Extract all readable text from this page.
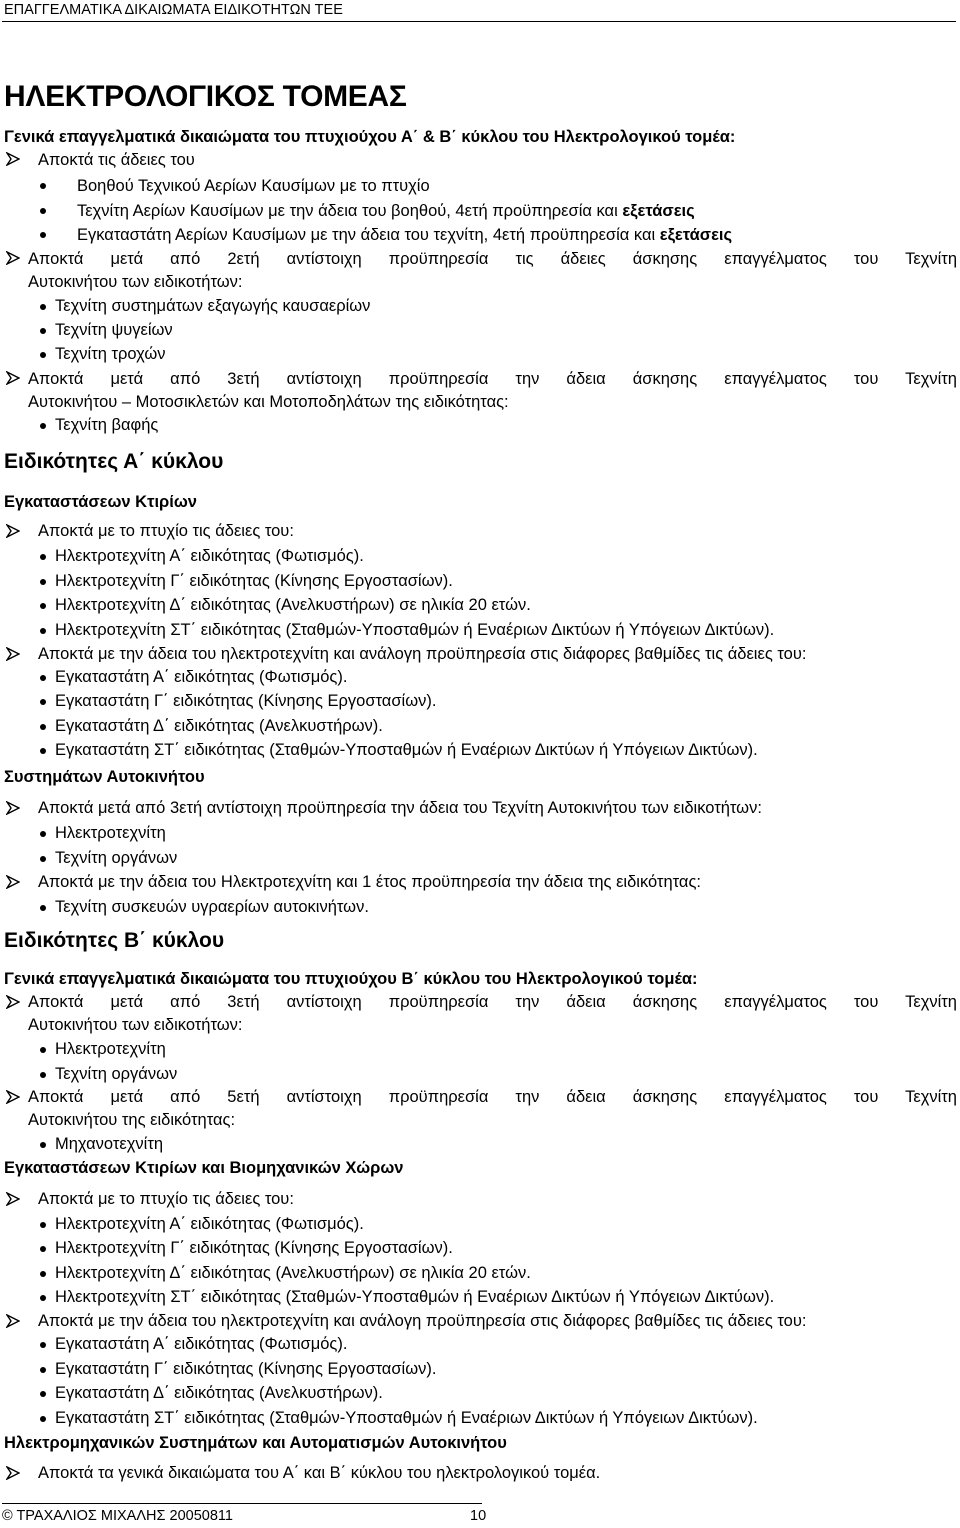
ΕΠΑΓΓΕΛΜΑΤΙΚΑ ΔΙΚΑΙΩΜΑΤΑ ΕΙΔΙΚΟΤΗΤΩΝ ΤΕΕ
ΗΛΕΚΤΡΟΛΟΓΙΚΟΣ ΤΟΜΕΑΣ
Γενικά επαγγελματικά δικαιώματα του πτυχιούχου Α΄ & Β΄ κύκλου του Ηλεκτρολογικού τομέα:
Αποκτά τις άδειες του
Βοηθού Τεχνικού Αερίων Καυσίμων με το πτυχίο
Τεχνίτη Αερίων Καυσίμων με την άδεια του βοηθού, 4ετή προϋπηρεσία και εξετάσεις
Εγκαταστάτη Αερίων Καυσίμων με την άδεια του τεχνίτη, 4ετή προϋπηρεσία και εξετάσεις
Αποκτά μετά από 2ετή αντίστοιχη προϋπηρεσία τις άδειες άσκησης επαγγέλματος του Τεχνίτη
Αυτοκινήτου των ειδικοτήτων:
Τεχνίτη συστημάτων εξαγωγής καυσαερίων
Τεχνίτη ψυγείων
Τεχνίτη τροχών
Αποκτά μετά από 3ετή αντίστοιχη προϋπηρεσία την άδεια άσκησης επαγγέλματος του Τεχνίτη
Αυτοκινήτου – Μοτοσικλετών και Μοτοποδηλάτων της ειδικότητας:
Τεχνίτη βαφής
Ειδικότητες Α΄ κύκλου
Εγκαταστάσεων Κτιρίων
Αποκτά με το πτυχίο τις άδειες του:
Ηλεκτροτεχνίτη Α΄ ειδικότητας (Φωτισμός).
Ηλεκτροτεχνίτη Γ΄ ειδικότητας (Κίνησης Εργοστασίων).
Ηλεκτροτεχνίτη Δ΄ ειδικότητας (Ανελκυστήρων) σε ηλικία 20 ετών.
Ηλεκτροτεχνίτη ΣΤ΄ ειδικότητας (Σταθμών-Υποσταθμών ή Εναέριων Δικτύων ή Υπόγειων Δικτύων).
Αποκτά με την άδεια του ηλεκτροτεχνίτη και ανάλογη προϋπηρεσία στις διάφορες βαθμίδες τις άδειες του:
Εγκαταστάτη Α΄ ειδικότητας (Φωτισμός).
Εγκαταστάτη Γ΄ ειδικότητας (Κίνησης Εργοστασίων).
Εγκαταστάτη Δ΄ ειδικότητας (Ανελκυστήρων).
Εγκαταστάτη ΣΤ΄ ειδικότητας (Σταθμών-Υποσταθμών ή Εναέριων Δικτύων ή Υπόγειων Δικτύων).
Συστημάτων Αυτοκινήτου
Αποκτά μετά από 3ετή αντίστοιχη προϋπηρεσία την άδεια του Τεχνίτη Αυτοκινήτου των ειδικοτήτων:
Ηλεκτροτεχνίτη
Τεχνίτη οργάνων
Αποκτά με την άδεια του Ηλεκτροτεχνίτη και 1 έτος προϋπηρεσία την άδεια της ειδικότητας:
Τεχνίτη συσκευών υγραερίων αυτοκινήτων.
Ειδικότητες Β΄ κύκλου
Γενικά επαγγελματικά δικαιώματα του πτυχιούχου Β΄ κύκλου του Ηλεκτρολογικού τομέα:
Αποκτά μετά από 3ετή αντίστοιχη προϋπηρεσία την άδεια άσκησης επαγγέλματος του Τεχνίτη
Αυτοκινήτου των ειδικοτήτων:
Ηλεκτροτεχνίτη
Τεχνίτη οργάνων
Αποκτά μετά από 5ετή αντίστοιχη προϋπηρεσία την άδεια άσκησης επαγγέλματος του Τεχνίτη
Αυτοκινήτου της ειδικότητας:
Μηχανοτεχνίτη
Εγκαταστάσεων Κτιρίων και Βιομηχανικών Χώρων
Αποκτά με το πτυχίο τις άδειες του:
Ηλεκτροτεχνίτη Α΄ ειδικότητας (Φωτισμός).
Ηλεκτροτεχνίτη Γ΄ ειδικότητας (Κίνησης Εργοστασίων).
Ηλεκτροτεχνίτη Δ΄ ειδικότητας (Ανελκυστήρων) σε ηλικία 20 ετών.
Ηλεκτροτεχνίτη ΣΤ΄ ειδικότητας (Σταθμών-Υποσταθμών ή Εναέριων Δικτύων ή Υπόγειων Δικτύων).
Αποκτά με την άδεια του ηλεκτροτεχνίτη και ανάλογη προϋπηρεσία στις διάφορες βαθμίδες τις άδειες του:
Εγκαταστάτη Α΄ ειδικότητας (Φωτισμός).
Εγκαταστάτη Γ΄ ειδικότητας (Κίνησης Εργοστασίων).
Εγκαταστάτη Δ΄ ειδικότητας (Ανελκυστήρων).
Εγκαταστάτη ΣΤ΄ ειδικότητας (Σταθμών-Υποσταθμών ή Εναέριων Δικτύων ή Υπόγειων Δικτύων).
Ηλεκτρομηχανικών Συστημάτων και Αυτοματισμών Αυτοκινήτου
Αποκτά τα γενικά δικαιώματα του Α΄ και Β΄ κύκλου του ηλεκτρολογικού τομέα.
© ΤΡΑΧΑΛΙΟΣ ΜΙΧΑΛΗΣ 20050811	10
